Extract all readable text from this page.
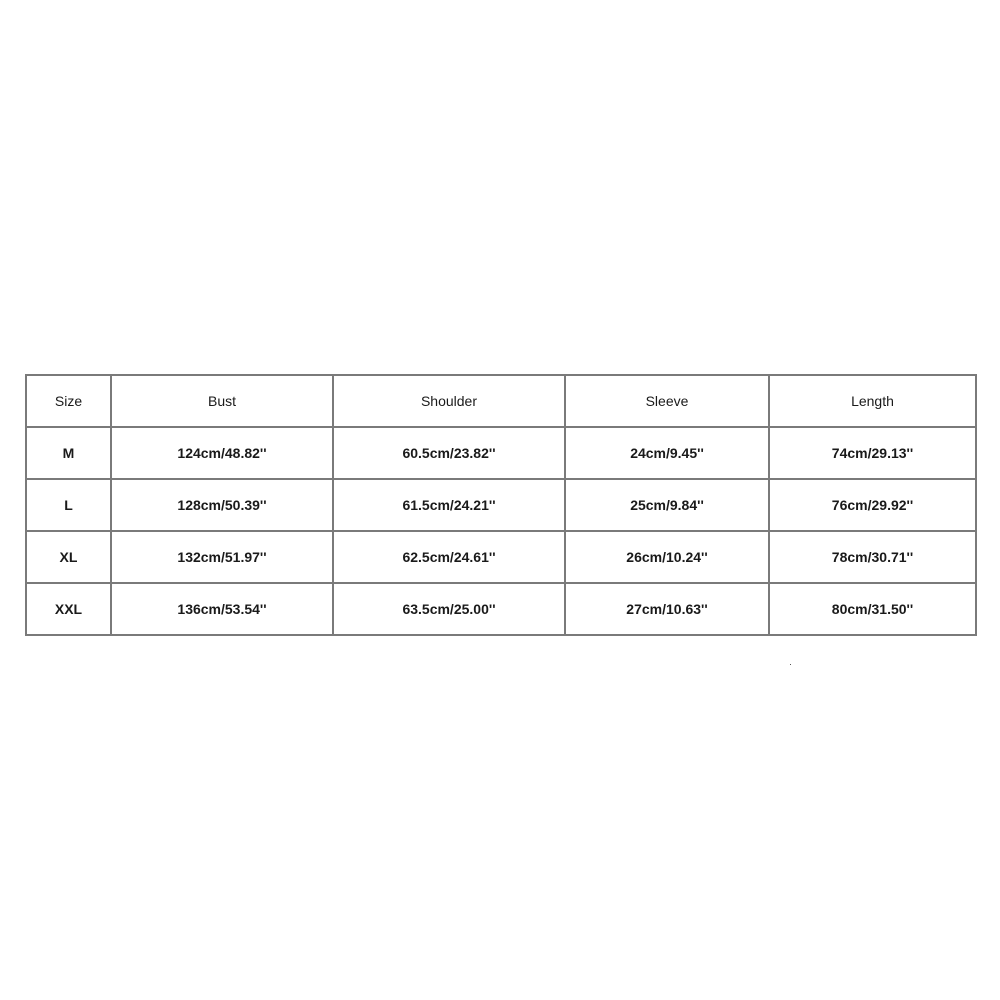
Size	Bust	Shoulder	Sleeve	Length
M	124cm/48.82''	60.5cm/23.82''	24cm/9.45''	74cm/29.13''
L	128cm/50.39''	61.5cm/24.21''	25cm/9.84''	76cm/29.92''
XL	132cm/51.97''	62.5cm/24.61''	26cm/10.24''	78cm/30.71''
XXL	136cm/53.54''	63.5cm/25.00''	27cm/10.63''	80cm/31.50''
